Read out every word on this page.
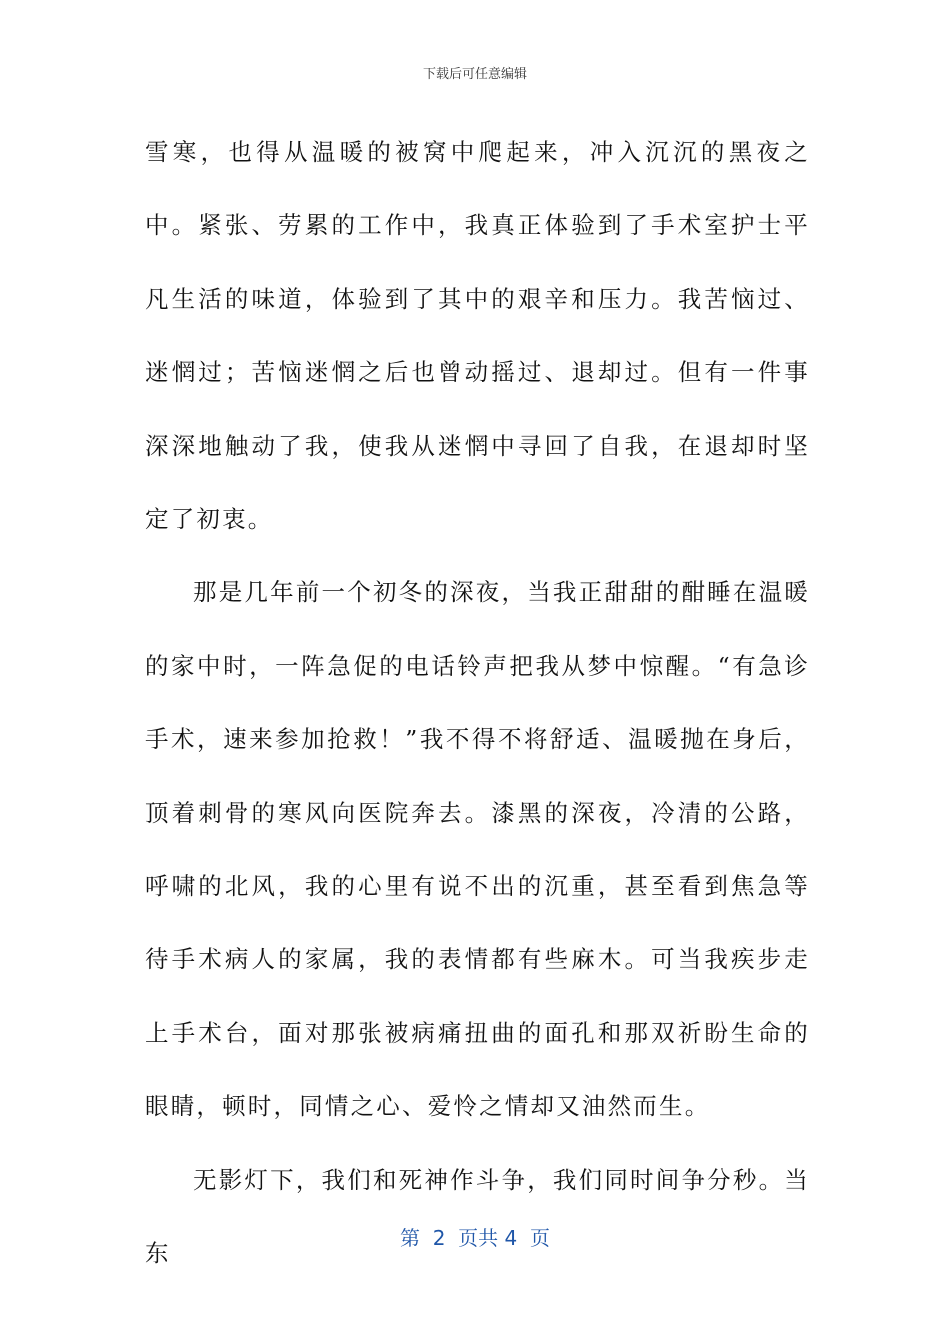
下载后可任意编辑

雪寒，也得从温暖的被窝中爬起来，冲入沉沉的黑夜之中。紧张、劳累的工作中，我真正体验到了手术室护士平凡生活的味道，体验到了其中的艰辛和压力。我苦恼过、迷惘过；苦恼迷惘之后也曾动摇过、退却过。但有一件事深深地触动了我，使我从迷惘中寻回了自我，在退却时坚定了初衷。

那是几年前一个初冬的深夜，当我正甜甜的酣睡在温暖的家中时，一阵急促的电话铃声把我从梦中惊醒。“有急诊手术，速来参加抢救！”我不得不将舒适、温暖抛在身后，顶着刺骨的寒风向医院奔去。漆黑的深夜，冷清的公路，呼啸的北风，我的心里有说不出的沉重，甚至看到焦急等待手术病人的家属，我的表情都有些麻木。可当我疾步走上手术台，面对那张被病痛扭曲的面孔和那双祈盼生命的眼睛，顿时，同情之心、爱怜之情却又油然而生。

无影灯下，我们和死神作斗争，我们同时间争分秒。当东

第  2  页共 4  页
